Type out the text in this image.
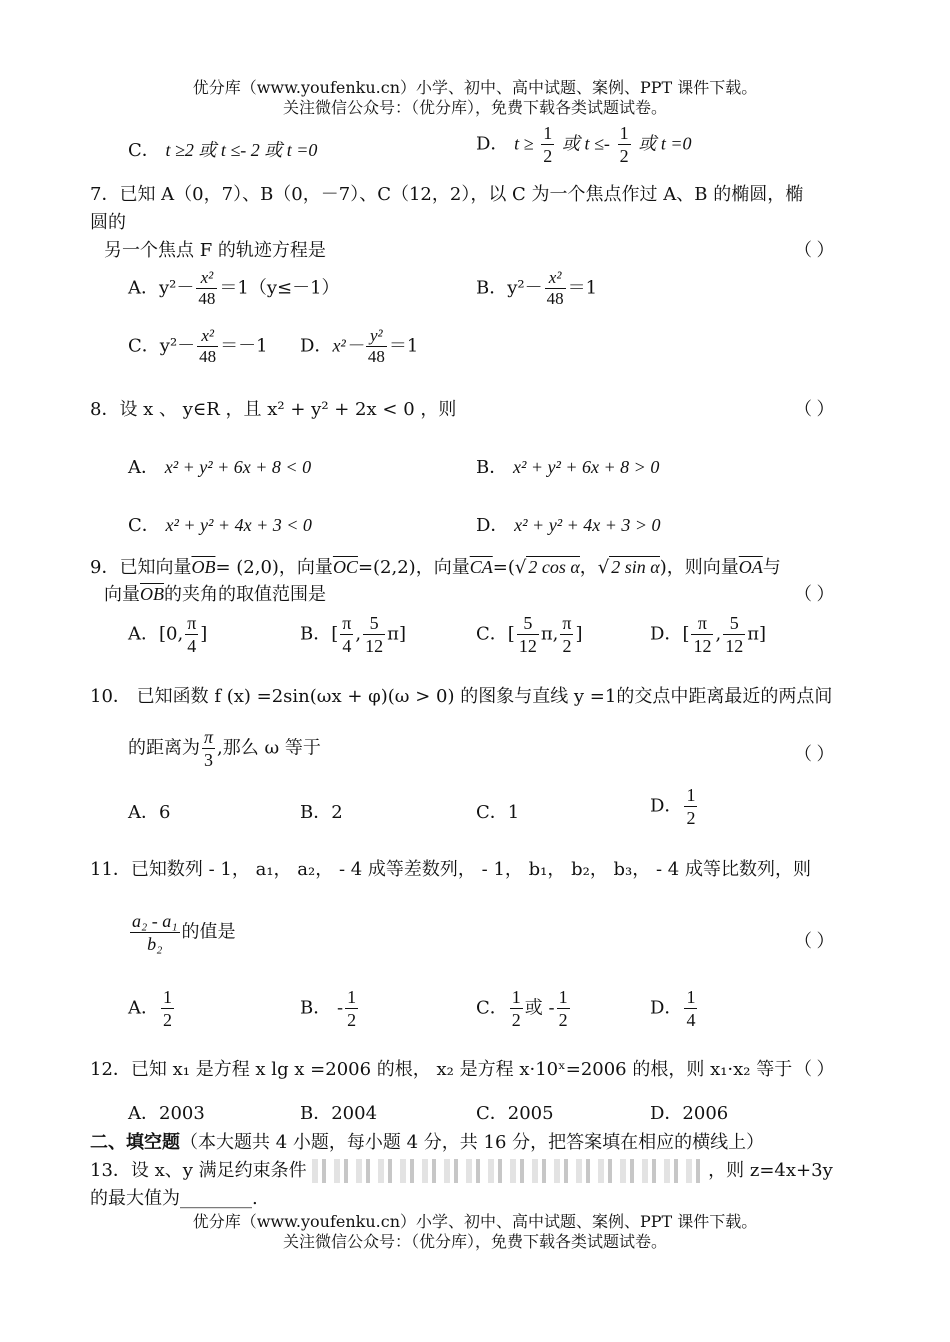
优分库（www.youfenku.cn）小学、初中、高中试题、案例、PPT 课件下载。
关注微信公众号：（优分库），免费下载各类试题试卷。
C． t ≥2 或 t ≤- 2 或 t =0	D． $t \ge \frac{1}{2}$ 或 $t \le- \frac{1}{2}$ 或 t =0
7．已知 A（0，7）、B（0，－7）、C（12，2），以 C 为一个焦点作过 A、B 的椭圆，椭
圆的
另一个焦点 F 的轨迹方程是	（ ）
A．$y^2- \frac{\text{x²}}{48} =1(y\le-1)$	B．$y^2- \frac{\text{x²}}{48} =1$
C．$y^2- \frac{\text{x²}}{48} =-1$ D．$x^2- \frac{\text{y²}}{48} =1$
8．设 x 、 y∈R ，且 x² + y² + 2x < 0 ，则	（ ）
A． x² + y² + 6x + 8 < 0	B． x² + y² + 6x + 8 > 0
C． x² + y² + 4x + 3 < 0	D． x² + y² + 4x + 3 > 0
9．已知向量$\overline{OB}= (2,0)$，向量$\overline{OC}=(2,2)$，向量$\overline{CA}=(√$ 2 cos α，√ 2 sin α)，则向量$\overline{OA}$与
向量$\overline{OB}$的夹角的取值范围是	（ ）
A．[0, $\frac{\pi}{4}$ ]	B．[ $\frac{\pi}{4}$ , $\frac{5}{12} \pi$]	C．[ $\frac{5}{12} \pi$, $\frac{\pi}{2}$ ]	D．[ $\frac{\pi}{12}$ , $\frac{5}{12} \pi$]
10． 已知函数 f (x) =2sin(ωx + φ)(ω > 0) 的图象与直线 y =1的交点中距离最近的两点间
的距离为 $\frac{\pi}{3}$ ,那么 ω 等于	（ ）
A．6	B．2	C．1	D． $\frac{1}{2}$
11．已知数列 - 1， a₁， a₂， - 4 成等差数列， - 1， b₁， b₂， b₃， - 4 成等比数列，则
$\frac{\text{a₂ - a₁}}{\text{b₂}}$ 的值是	（ ）
A． $\frac{1}{2}$	B． - $\frac{1}{2}$	C． $\frac{1}{2}$ 或 - $\frac{1}{2}$	D． $\frac{1}{4}$
12．已知 x₁ 是方程 x lg x =2006 的根， x₂ 是方程 x·10ˣ=2006 的根，则 x₁·x₂ 等于 （ ）
A．2003	B．2004	C．2005	D．2006
二、填空题（本大题共 4 小题，每小题 4 分，共 16 分，把答案填在相应的横线上）
13．设 x、y 满足约束条件	，则 z=4x+3y
的最大值为________.
优分库（www.youfenku.cn）小学、初中、高中试题、案例、PPT 课件下载。
关注微信公众号：（优分库），免费下载各类试题试卷。
